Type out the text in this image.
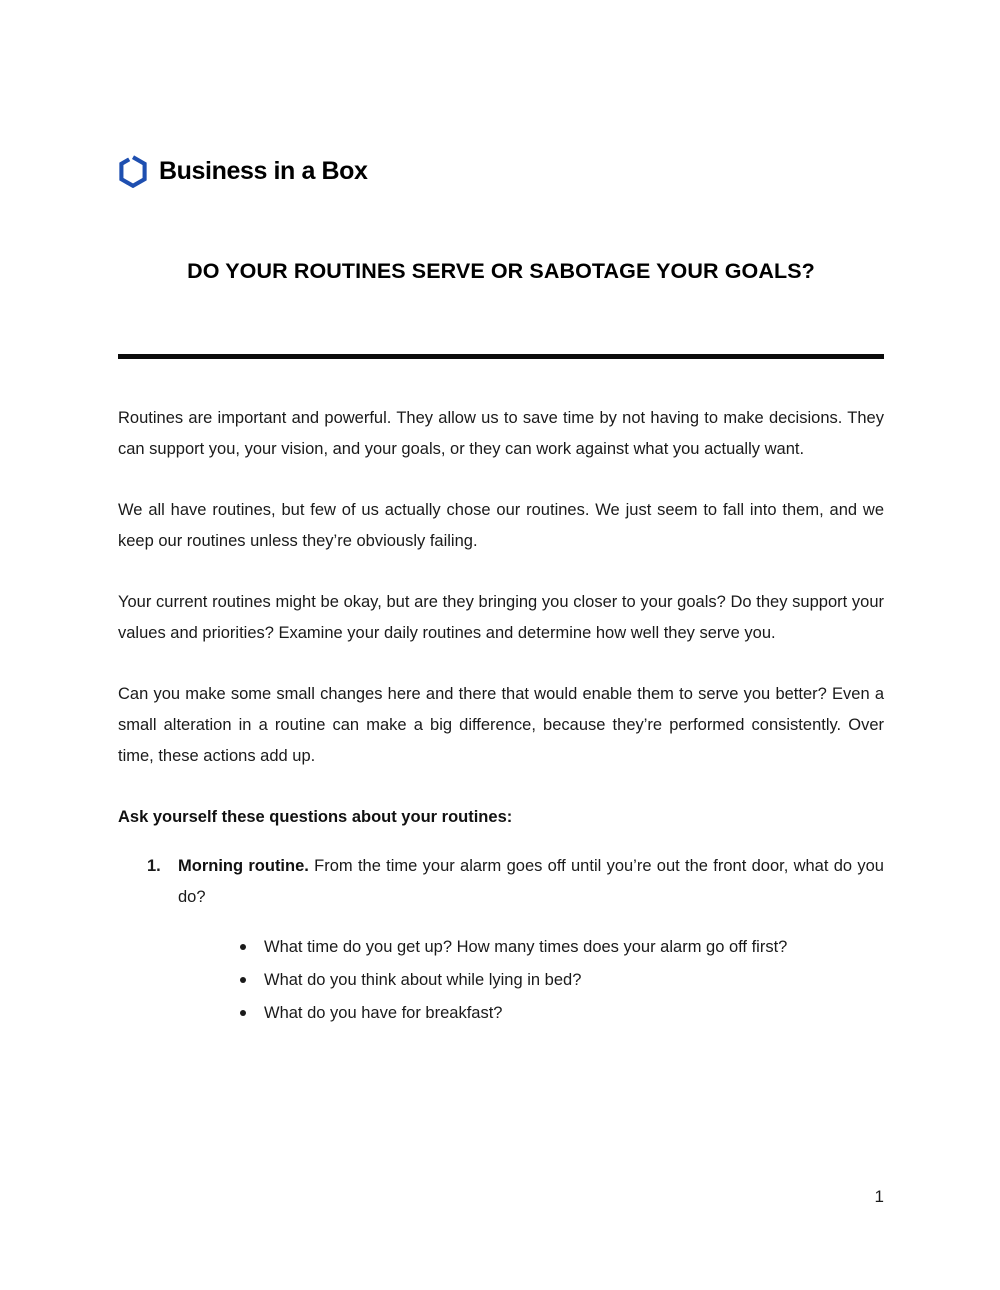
Business in a Box
DO YOUR ROUTINES SERVE OR SABOTAGE YOUR GOALS?

Routines are important and powerful. They allow us to save time by not having to make decisions. They can support you, your vision, and your goals, or they can work against what you actually want.

We all have routines, but few of us actually chose our routines. We just seem to fall into them, and we keep our routines unless they’re obviously failing.

Your current routines might be okay, but are they bringing you closer to your goals? Do they support your values and priorities? Examine your daily routines and determine how well they serve you.

Can you make some small changes here and there that would enable them to serve you better? Even a small alteration in a routine can make a big difference, because they’re performed consistently. Over time, these actions add up.

Ask yourself these questions about your routines:

1. Morning routine. From the time your alarm goes off until you’re out the front door, what do you do?
What time do you get up? How many times does your alarm go off first?
What do you think about while lying in bed?
What do you have for breakfast?
1
